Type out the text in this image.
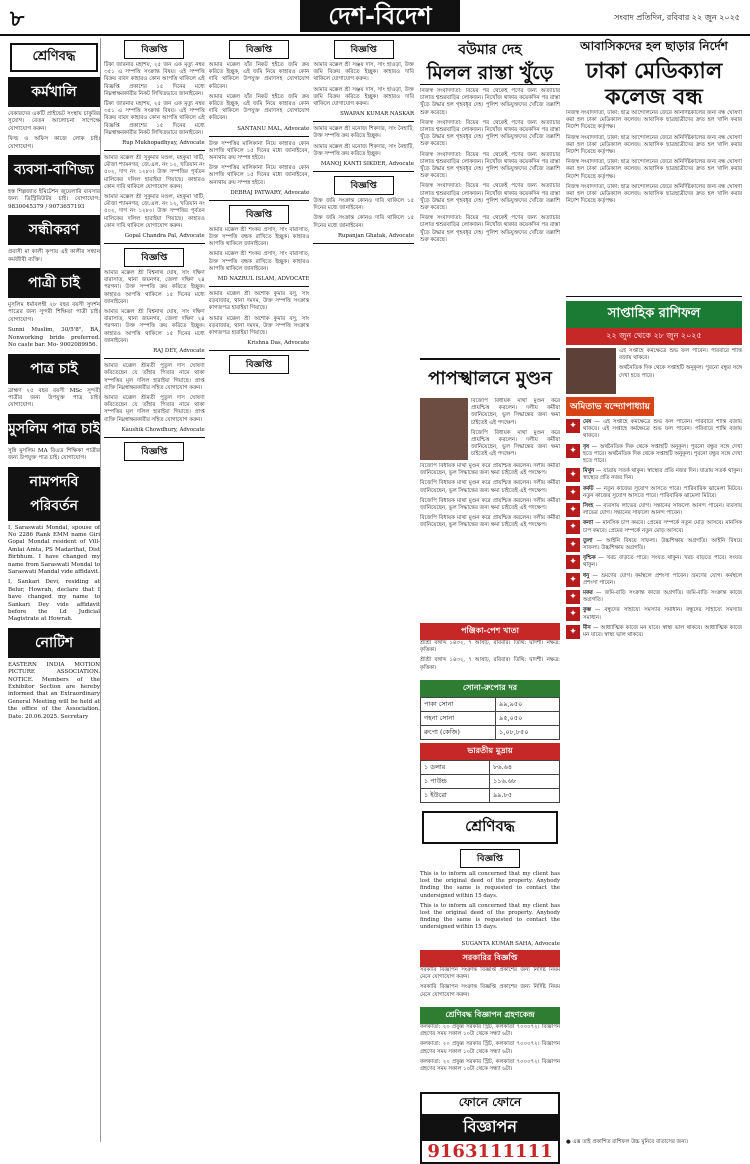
৮	দেশ-বিদেশ	সংবাদ প্রতিদিন, রবিবার ২২ জুন ২০২৫
শ্রেণিবদ্ধ
কর্মখালি
বেকারদের একটি প্রাইভেট সংস্থায় চাকুরির সুযোগ। বেতন আলোচনা সাপেক্ষে যোগাযোগ করুন।
ফিল্ড ও অফিস কাজে লোক চাই। যোগাযোগ।
ব্যবসা-বাণিজ্য
হস্ত শিল্পজাত ইমিটেশন জুয়েলারি ব্যবসার জন্য ডিস্ট্রিবিউটর চাই। যোগাযোগ: 9830045379 / 9073657193
সন্ধীকরণ
প্রবাসী মা কালী কৃপায় এই কালীর সন্ধান কর্মজীবী ব্যক্তি।
পাত্রী চাই
মুসলিম ধর্মাবলম্বী ২৮ বছর বয়সী সুদর্শন পাত্রের জন্য সুন্দরী শিক্ষিতা পাত্রী চাই। যোগাযোগ।
Sunni Muslim, 30/5'8", BA, Nonworking bride preferred. No caste bar. Mo- 9002089956.
পাত্র চাই
ব্রাহ্মণ ২৫ বছর বয়সী MSc সুন্দরী পাত্রীর জন্য উপযুক্ত পাত্র চাই। যোগাযোগ।
মুসলিম পাত্র চাই
সুন্নি মুসলিম MA বিএড শিক্ষিকা পাত্রীর জন্য উপযুক্ত পাত্র চাই। যোগাযোগ।
নামপদবি পরিবর্তন
I, Saraswati Mondal, spouse of No 2286 Rank EMM name Giri Gopal Mondal resident of Vill-Amlai Amta, PS Madarihat, Dist Birbhum. I have changed my name from Saraswati Mondal to Saraswati Mandal vide affidavit.
I, Sankari Devi, residing at Belur, Howrah, declare that I have changed my name to Sankari Dey vide affidavit before the Ld Judicial Magistrate at Howrah.
নোটিশ
EASTERN INDIA MOTION PICTURE ASSOCIATION. NOTICE. Members of the Exhibitor Section are hereby informed that an Extraordinary General Meeting will be held at the office of the Association. Date: 20.06.2025. Secretary
বিজ্ঞপ্তি

টিকা জারনার মহাশয়, ২৫ জন এক মৃত্যু নম্বর ৩৫১ এ সম্পত্তি সংক্রান্ত বিষয়। এই সম্পত্তি বিক্রয় বাবদ কাহারও কোন আপত্তি থাকিলে এই বিজ্ঞপ্তি প্রকাশের ১৫ দিনের মধ্যে নিম্নস্বাক্ষরকারীর নিকট লিখিতভাবে জানাইবেন।

টিকা জারনার মহাশয়, ২৫ জন এক মৃত্যু নম্বর ৩৫১ এ সম্পত্তি সংক্রান্ত বিষয়। এই সম্পত্তি বিক্রয় বাবদ কাহারও কোন আপত্তি থাকিলে এই বিজ্ঞপ্তি প্রকাশের ১৫ দিনের মধ্যে নিম্নস্বাক্ষরকারীর নিকট লিখিতভাবে জানাইবেন।

Rup Mukhopadhyay, Advocate

আমার মক্কেল শ্রী সুকুমার মণ্ডল, মহকুমা খাটি, মৌজা শ্যামনগর, জে.এল. নং ১২, খতিয়ান নং ৫০২, দাগ নং ১২৮০। উক্ত সম্পত্তির পূর্বতন মালিকের দলিল হারাইয়া গিয়াছে। কাহারও কোন দাবি থাকিলে যোগাযোগ করুন।

আমার মক্কেল শ্রী সুকুমার মণ্ডল, মহকুমা খাটি, মৌজা শ্যামনগর, জে.এল. নং ১২, খতিয়ান নং ৫০২, দাগ নং ১২৮০। উক্ত সম্পত্তির পূর্বতন মালিকের দলিল হারাইয়া গিয়াছে। কাহারও কোন দাবি থাকিলে যোগাযোগ করুন।

Gopal Chandra Pal, Advocate
বিজ্ঞপ্তি

আমার মক্কেল শ্রী বিশ্বনাথ ঘোষ, সাং দক্ষিণ বারাসাত, থানা জয়নগর, জেলা দক্ষিণ ২৪ পরগনা। উক্ত সম্পত্তি ক্রয় করিতে ইচ্ছুক। কাহারও আপত্তি থাকিলে ১৫ দিনের মধ্যে জানাইবেন।

আমার মক্কেল শ্রী বিশ্বনাথ ঘোষ, সাং দক্ষিণ বারাসাত, থানা জয়নগর, জেলা দক্ষিণ ২৪ পরগনা। উক্ত সম্পত্তি ক্রয় করিতে ইচ্ছুক। কাহারও আপত্তি থাকিলে ১৫ দিনের মধ্যে জানাইবেন।

RAJ DEY, Advocate

আমার মক্কেল শ্রীমতী পুতুল দাস ঘোষণা করিতেছেন যে তাঁহার পিতার নামে থাকা সম্পত্তির মূল দলিল হারাইয়া গিয়াছে। প্রাপ্ত ব্যক্তি নিম্নস্বাক্ষরকারীর সহিত যোগাযোগ করুন।

আমার মক্কেল শ্রীমতী পুতুল দাস ঘোষণা করিতেছেন যে তাঁহার পিতার নামে থাকা সম্পত্তির মূল দলিল হারাইয়া গিয়াছে। প্রাপ্ত ব্যক্তি নিম্নস্বাক্ষরকারীর সহিত যোগাযোগ করুন।

Kaushik Chowdhury, Advocate
বিজ্ঞপ্তি
বিজ্ঞপ্তি

আমার মক্কেল যাঁর নিকট হইতে জমি ক্রয় করিতে ইচ্ছুক, এই জমি নিয়ে কাহারও কোন দাবি থাকিলে উপযুক্ত প্রমাণসহ যোগাযোগ করিবেন।

আমার মক্কেল যাঁর নিকট হইতে জমি ক্রয় করিতে ইচ্ছুক, এই জমি নিয়ে কাহারও কোন দাবি থাকিলে উপযুক্ত প্রমাণসহ যোগাযোগ করিবেন।

SANTANU MAL, Advocate

উক্ত সম্পত্তির মালিকানা নিয়ে কাহারও কোন আপত্তি থাকিলে ১৫ দিনের মধ্যে জানাইবেন, অন্যথায় ক্রয় সম্পন্ন হইবে।

উক্ত সম্পত্তির মালিকানা নিয়ে কাহারও কোন আপত্তি থাকিলে ১৫ দিনের মধ্যে জানাইবেন, অন্যথায় ক্রয় সম্পন্ন হইবে।

DEBRAJ PATWARY, Advocate
বিজ্ঞপ্তি

আমার মক্কেল শ্রী শংকর প্রসাদ, সাং বারাসাত, উক্ত সম্পত্তি বন্ধক রাখিতে ইচ্ছুক। কাহারও আপত্তি থাকিলে জানাইবেন।

আমার মক্কেল শ্রী শংকর প্রসাদ, সাং বারাসাত, উক্ত সম্পত্তি বন্ধক রাখিতে ইচ্ছুক। কাহারও আপত্তি থাকিলে জানাইবেন।

MD NAZRUL ISLAM, ADVOCATE

আমার মক্কেল শ্রী অশোক কুমার বসু, সাং বড়বাজার, থানা দমদম, উক্ত সম্পত্তি সংক্রান্ত কাগজপত্র হারাইয়া গিয়াছে।

আমার মক্কেল শ্রী অশোক কুমার বসু, সাং বড়বাজার, থানা দমদম, উক্ত সম্পত্তি সংক্রান্ত কাগজপত্র হারাইয়া গিয়াছে।

Krishna Das, Advocate
বিজ্ঞপ্তি
বিজ্ঞপ্তি

আমার মক্কেল শ্রী সঞ্জয় দাস, সাং হাওড়া, উক্ত জমি বিক্রয় করিতে ইচ্ছুক। কাহারও দাবি থাকিলে যোগাযোগ করুন।

আমার মক্কেল শ্রী সঞ্জয় দাস, সাং হাওড়া, উক্ত জমি বিক্রয় করিতে ইচ্ছুক। কাহারও দাবি থাকিলে যোগাযোগ করুন।

SWAPAN KUMAR NASKAR

আমার মক্কেল শ্রী মনোজ শিকদার, সাং নৈহাটি, উক্ত সম্পত্তি ক্রয় করিতে ইচ্ছুক।

আমার মক্কেল শ্রী মনোজ শিকদার, সাং নৈহাটি, উক্ত সম্পত্তি ক্রয় করিতে ইচ্ছুক।

MANOJ KANTI SIKDER, Advocate
বিজ্ঞপ্তি

উক্ত জমি সংক্রান্ত কোনও দাবি থাকিলে ১৫ দিনের মধ্যে জানাইবেন।

উক্ত জমি সংক্রান্ত কোনও দাবি থাকিলে ১৫ দিনের মধ্যে জানাইবেন।

Rupanjan Ghatak, Advocate
বউমার দেহ
মিলল রাস্তা খুঁড়ে

নিজস্ব সংবাদদাতা: বিয়ের পর থেকেই পণের জন্য অত্যাচার চালাত শ্বশুরবাড়ির লোকজন। নিখোঁজ থাকার কয়েকদিন পর রাস্তা খুঁড়ে উদ্ধার হল গৃহবধূর দেহ। পুলিশ অভিযুক্তদের খোঁজে তল্লাশি শুরু করেছে।

নিজস্ব সংবাদদাতা: বিয়ের পর থেকেই পণের জন্য অত্যাচার চালাত শ্বশুরবাড়ির লোকজন। নিখোঁজ থাকার কয়েকদিন পর রাস্তা খুঁড়ে উদ্ধার হল গৃহবধূর দেহ। পুলিশ অভিযুক্তদের খোঁজে তল্লাশি শুরু করেছে।

নিজস্ব সংবাদদাতা: বিয়ের পর থেকেই পণের জন্য অত্যাচার চালাত শ্বশুরবাড়ির লোকজন। নিখোঁজ থাকার কয়েকদিন পর রাস্তা খুঁড়ে উদ্ধার হল গৃহবধূর দেহ। পুলিশ অভিযুক্তদের খোঁজে তল্লাশি শুরু করেছে।

নিজস্ব সংবাদদাতা: বিয়ের পর থেকেই পণের জন্য অত্যাচার চালাত শ্বশুরবাড়ির লোকজন। নিখোঁজ থাকার কয়েকদিন পর রাস্তা খুঁড়ে উদ্ধার হল গৃহবধূর দেহ। পুলিশ অভিযুক্তদের খোঁজে তল্লাশি শুরু করেছে।

নিজস্ব সংবাদদাতা: বিয়ের পর থেকেই পণের জন্য অত্যাচার চালাত শ্বশুরবাড়ির লোকজন। নিখোঁজ থাকার কয়েকদিন পর রাস্তা খুঁড়ে উদ্ধার হল গৃহবধূর দেহ। পুলিশ অভিযুক্তদের খোঁজে তল্লাশি শুরু করেছে।

পাপস্খালনে মুণ্ডন

বিজেপি বিধায়ক মাথা মুণ্ডন করে প্রায়শ্চিত্ত করলেন। দলীয় কর্মীরা জানিয়েছেন, ভুল সিদ্ধান্তের জন্য ক্ষমা চাইতেই এই পদক্ষেপ।

বিজেপি বিধায়ক মাথা মুণ্ডন করে প্রায়শ্চিত্ত করলেন। দলীয় কর্মীরা জানিয়েছেন, ভুল সিদ্ধান্তের জন্য ক্ষমা চাইতেই এই পদক্ষেপ।

বিজেপি বিধায়ক মাথা মুণ্ডন করে প্রায়শ্চিত্ত করলেন। দলীয় কর্মীরা জানিয়েছেন, ভুল সিদ্ধান্তের জন্য ক্ষমা চাইতেই এই পদক্ষেপ।

বিজেপি বিধায়ক মাথা মুণ্ডন করে প্রায়শ্চিত্ত করলেন। দলীয় কর্মীরা জানিয়েছেন, ভুল সিদ্ধান্তের জন্য ক্ষমা চাইতেই এই পদক্ষেপ।

বিজেপি বিধায়ক মাথা মুণ্ডন করে প্রায়শ্চিত্ত করলেন। দলীয় কর্মীরা জানিয়েছেন, ভুল সিদ্ধান্তের জন্য ক্ষমা চাইতেই এই পদক্ষেপ।

বিজেপি বিধায়ক মাথা মুণ্ডন করে প্রায়শ্চিত্ত করলেন। দলীয় কর্মীরা জানিয়েছেন, ভুল সিদ্ধান্তের জন্য ক্ষমা চাইতেই এই পদক্ষেপ।

পঞ্জিকা-পেশ খাতা

শ্রীশ্রী বঙ্গাব্দ ১৪৩২, ৭ আষাঢ়, রবিবার। তিথি: দ্বাদশী। নক্ষত্র: কৃত্তিকা।

শ্রীশ্রী বঙ্গাব্দ ১৪৩২, ৭ আষাঢ়, রবিবার। তিথি: দ্বাদশী। নক্ষত্র: কৃত্তিকা।

সোনা-রুপোর দর
পাকা সোনা	৯৯,৯৫০
গহনা সোনা	৯৫,০৫০
রুপো (কেজি)	১,০৮,৮৫০
ভারতীয় মুদ্রায়
১ ডলার	৮৬.৬৪
১ পাউন্ড	১১৬.৬৮
১ ইউরো	৯৯.৮৫
শ্রেণিবদ্ধ
বিজ্ঞপ্তি

This is to inform all concerned that my client has lost the original deed of the property. Anybody finding the same is requested to contact the undersigned within 15 days.

This is to inform all concerned that my client has lost the original deed of the property. Anybody finding the same is requested to contact the undersigned within 15 days.

SUGANTA KUMAR SAHA, Advocate
সরকারির বিজ্ঞপ্তি

সরকারি বিজ্ঞাপন সংক্রান্ত বিজ্ঞপ্তি প্রকাশের জন্য নির্দিষ্ট নিয়ম মেনে যোগাযোগ করুন।

সরকারি বিজ্ঞাপন সংক্রান্ত বিজ্ঞপ্তি প্রকাশের জন্য নির্দিষ্ট নিয়ম মেনে যোগাযোগ করুন।

শ্রেণিবদ্ধ বিজ্ঞাপন গ্রহণকেন্দ্র

কলকাতা: ২০ প্রফুল্ল সরকার স্ট্রিট, কলকাতা ৭০০০৭২। বিজ্ঞাপন গ্রহণের সময় সকাল ১০টা থেকে সন্ধ্যা ৬টা।

কলকাতা: ২০ প্রফুল্ল সরকার স্ট্রিট, কলকাতা ৭০০০৭২। বিজ্ঞাপন গ্রহণের সময় সকাল ১০টা থেকে সন্ধ্যা ৬টা।

কলকাতা: ২০ প্রফুল্ল সরকার স্ট্রিট, কলকাতা ৭০০০৭২। বিজ্ঞাপন গ্রহণের সময় সকাল ১০টা থেকে সন্ধ্যা ৬টা।

ফোনে ফোনে
বিজ্ঞাপন
9163111111
আবাসিকদের হল ছাড়ার নির্দেশ
ঢাকা মেডিক্যাল কলেজ বন্ধ

নিজস্ব সংবাদদাতা, ঢাকা: ছাত্র আন্দোলনের জেরে অনির্দিষ্টকালের জন্য বন্ধ ঘোষণা করা হল ঢাকা মেডিক্যাল কলেজ। আবাসিক ছাত্রছাত্রীদের দ্রুত হল খালি করার নির্দেশ দিয়েছে কর্তৃপক্ষ।

নিজস্ব সংবাদদাতা, ঢাকা: ছাত্র আন্দোলনের জেরে অনির্দিষ্টকালের জন্য বন্ধ ঘোষণা করা হল ঢাকা মেডিক্যাল কলেজ। আবাসিক ছাত্রছাত্রীদের দ্রুত হল খালি করার নির্দেশ দিয়েছে কর্তৃপক্ষ।

নিজস্ব সংবাদদাতা, ঢাকা: ছাত্র আন্দোলনের জেরে অনির্দিষ্টকালের জন্য বন্ধ ঘোষণা করা হল ঢাকা মেডিক্যাল কলেজ। আবাসিক ছাত্রছাত্রীদের দ্রুত হল খালি করার নির্দেশ দিয়েছে কর্তৃপক্ষ।

নিজস্ব সংবাদদাতা, ঢাকা: ছাত্র আন্দোলনের জেরে অনির্দিষ্টকালের জন্য বন্ধ ঘোষণা করা হল ঢাকা মেডিক্যাল কলেজ। আবাসিক ছাত্রছাত্রীদের দ্রুত হল খালি করার নির্দেশ দিয়েছে কর্তৃপক্ষ।

সাপ্তাহিক রাশিফল
২২ জুন থেকে ২৮ জুন ২০২৫

এই সপ্তাহে কর্মক্ষেত্রে শুভ ফল পাবেন। পরিবারে শান্তি বজায় থাকবে।

অর্থনৈতিক দিক থেকে সপ্তাহটি অনুকূল। পুরনো বন্ধুর সঙ্গে দেখা হতে পারে।

অমিতাভ বন্দ্যোপাধ্যায়
✦	মেষ — এই সপ্তাহে কর্মক্ষেত্রে শুভ ফল পাবেন। পরিবারে শান্তি বজায় থাকবে। এই সপ্তাহে কর্মক্ষেত্রে শুভ ফল পাবেন। পরিবারে শান্তি বজায় থাকবে।
✦	বৃষ — অর্থনৈতিক দিক থেকে সপ্তাহটি অনুকূল। পুরনো বন্ধুর সঙ্গে দেখা হতে পারে। অর্থনৈতিক দিক থেকে সপ্তাহটি অনুকূল। পুরনো বন্ধুর সঙ্গে দেখা হতে পারে।
✦	মিথুন — যাত্রায় সতর্ক থাকুন। স্বাস্থ্যের প্রতি নজর দিন। যাত্রায় সতর্ক থাকুন। স্বাস্থ্যের প্রতি নজর দিন।
✦	কর্কট — নতুন কাজের সুযোগ আসতে পারে। পারিবারিক ঝামেলা মিটবে। নতুন কাজের সুযোগ আসতে পারে। পারিবারিক ঝামেলা মিটবে।
✦	সিংহ — ব্যবসায় লাভের যোগ। সন্তানের সাফল্যে আনন্দ পাবেন। ব্যবসায় লাভের যোগ। সন্তানের সাফল্যে আনন্দ পাবেন।
✦	কন্যা — মানসিক চাপ কমবে। প্রেমের সম্পর্কে নতুন মোড় আসবে। মানসিক চাপ কমবে। প্রেমের সম্পর্কে নতুন মোড় আসবে।
✦	তুলা — আইনি বিষয়ে সাফল্য। উচ্চশিক্ষায় অগ্রগতি। আইনি বিষয়ে সাফল্য। উচ্চশিক্ষায় অগ্রগতি।
✦	বৃশ্চিক — খরচ বাড়তে পারে। সংযত থাকুন। খরচ বাড়তে পারে। সংযত থাকুন।
✦	ধনু — ভ্রমণের যোগ। কর্মস্থলে প্রশংসা পাবেন। ভ্রমণের যোগ। কর্মস্থলে প্রশংসা পাবেন।
✦	মকর — জমি-বাড়ি সংক্রান্ত কাজে অগ্রগতি। জমি-বাড়ি সংক্রান্ত কাজে অগ্রগতি।
✦	কুম্ভ — বন্ধুদের সাহায্যে সমস্যার সমাধান। বন্ধুদের সাহায্যে সমস্যার সমাধান।
✦	মীন — আধ্যাত্মিক কাজে মন যাবে। স্বাস্থ্য ভাল থাকবে। আধ্যাত্মিক কাজে মন যাবে। স্বাস্থ্য ভাল থাকবে।
● এক্স তাই প্রকাশিত রাশিফল উচ্চ মুনিবে বাতাসের জন্য।
